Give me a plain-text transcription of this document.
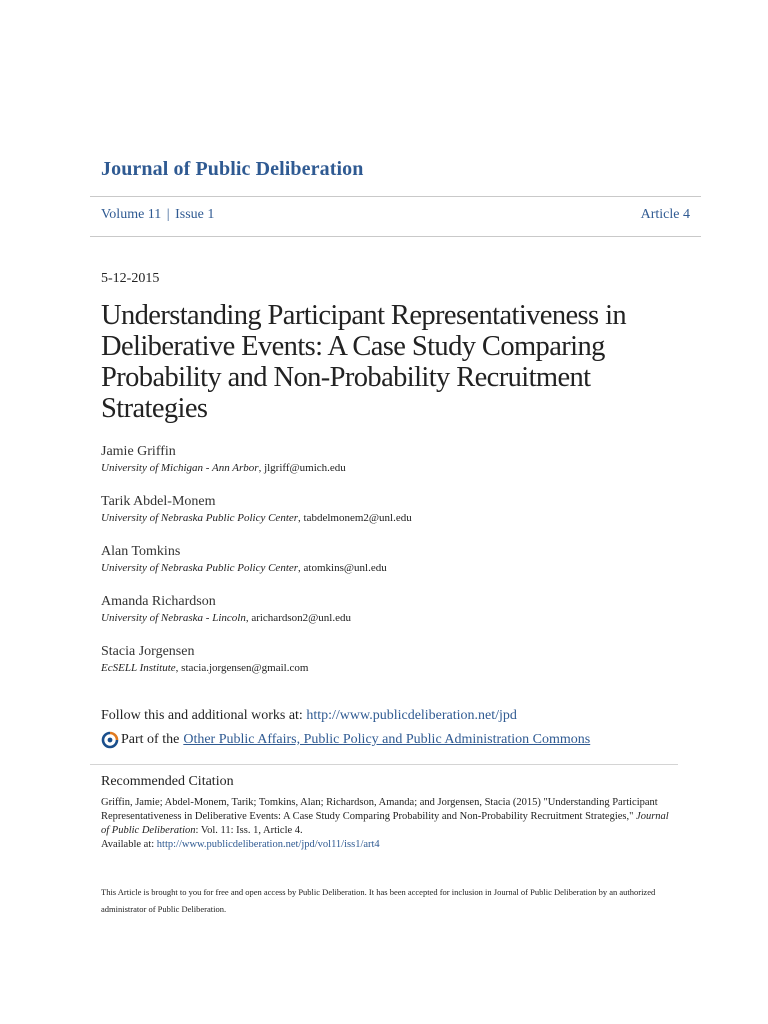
Journal of Public Deliberation
Volume 11 | Issue 1	Article 4
5-12-2015
Understanding Participant Representativeness in Deliberative Events: A Case Study Comparing Probability and Non-Probability Recruitment Strategies
Jamie Griffin
University of Michigan - Ann Arbor, jlgriff@umich.edu
Tarik Abdel-Monem
University of Nebraska Public Policy Center, tabdelmonem2@unl.edu
Alan Tomkins
University of Nebraska Public Policy Center, atomkins@unl.edu
Amanda Richardson
University of Nebraska - Lincoln, arichardson2@unl.edu
Stacia Jorgensen
EcSELL Institute, stacia.jorgensen@gmail.com
Follow this and additional works at: http://www.publicdeliberation.net/jpd
Part of the Other Public Affairs, Public Policy and Public Administration Commons
Recommended Citation
Griffin, Jamie; Abdel-Monem, Tarik; Tomkins, Alan; Richardson, Amanda; and Jorgensen, Stacia (2015) "Understanding Participant Representativeness in Deliberative Events: A Case Study Comparing Probability and Non-Probability Recruitment Strategies," Journal of Public Deliberation: Vol. 11: Iss. 1, Article 4.
Available at: http://www.publicdeliberation.net/jpd/vol11/iss1/art4
This Article is brought to you for free and open access by Public Deliberation. It has been accepted for inclusion in Journal of Public Deliberation by an authorized administrator of Public Deliberation.
